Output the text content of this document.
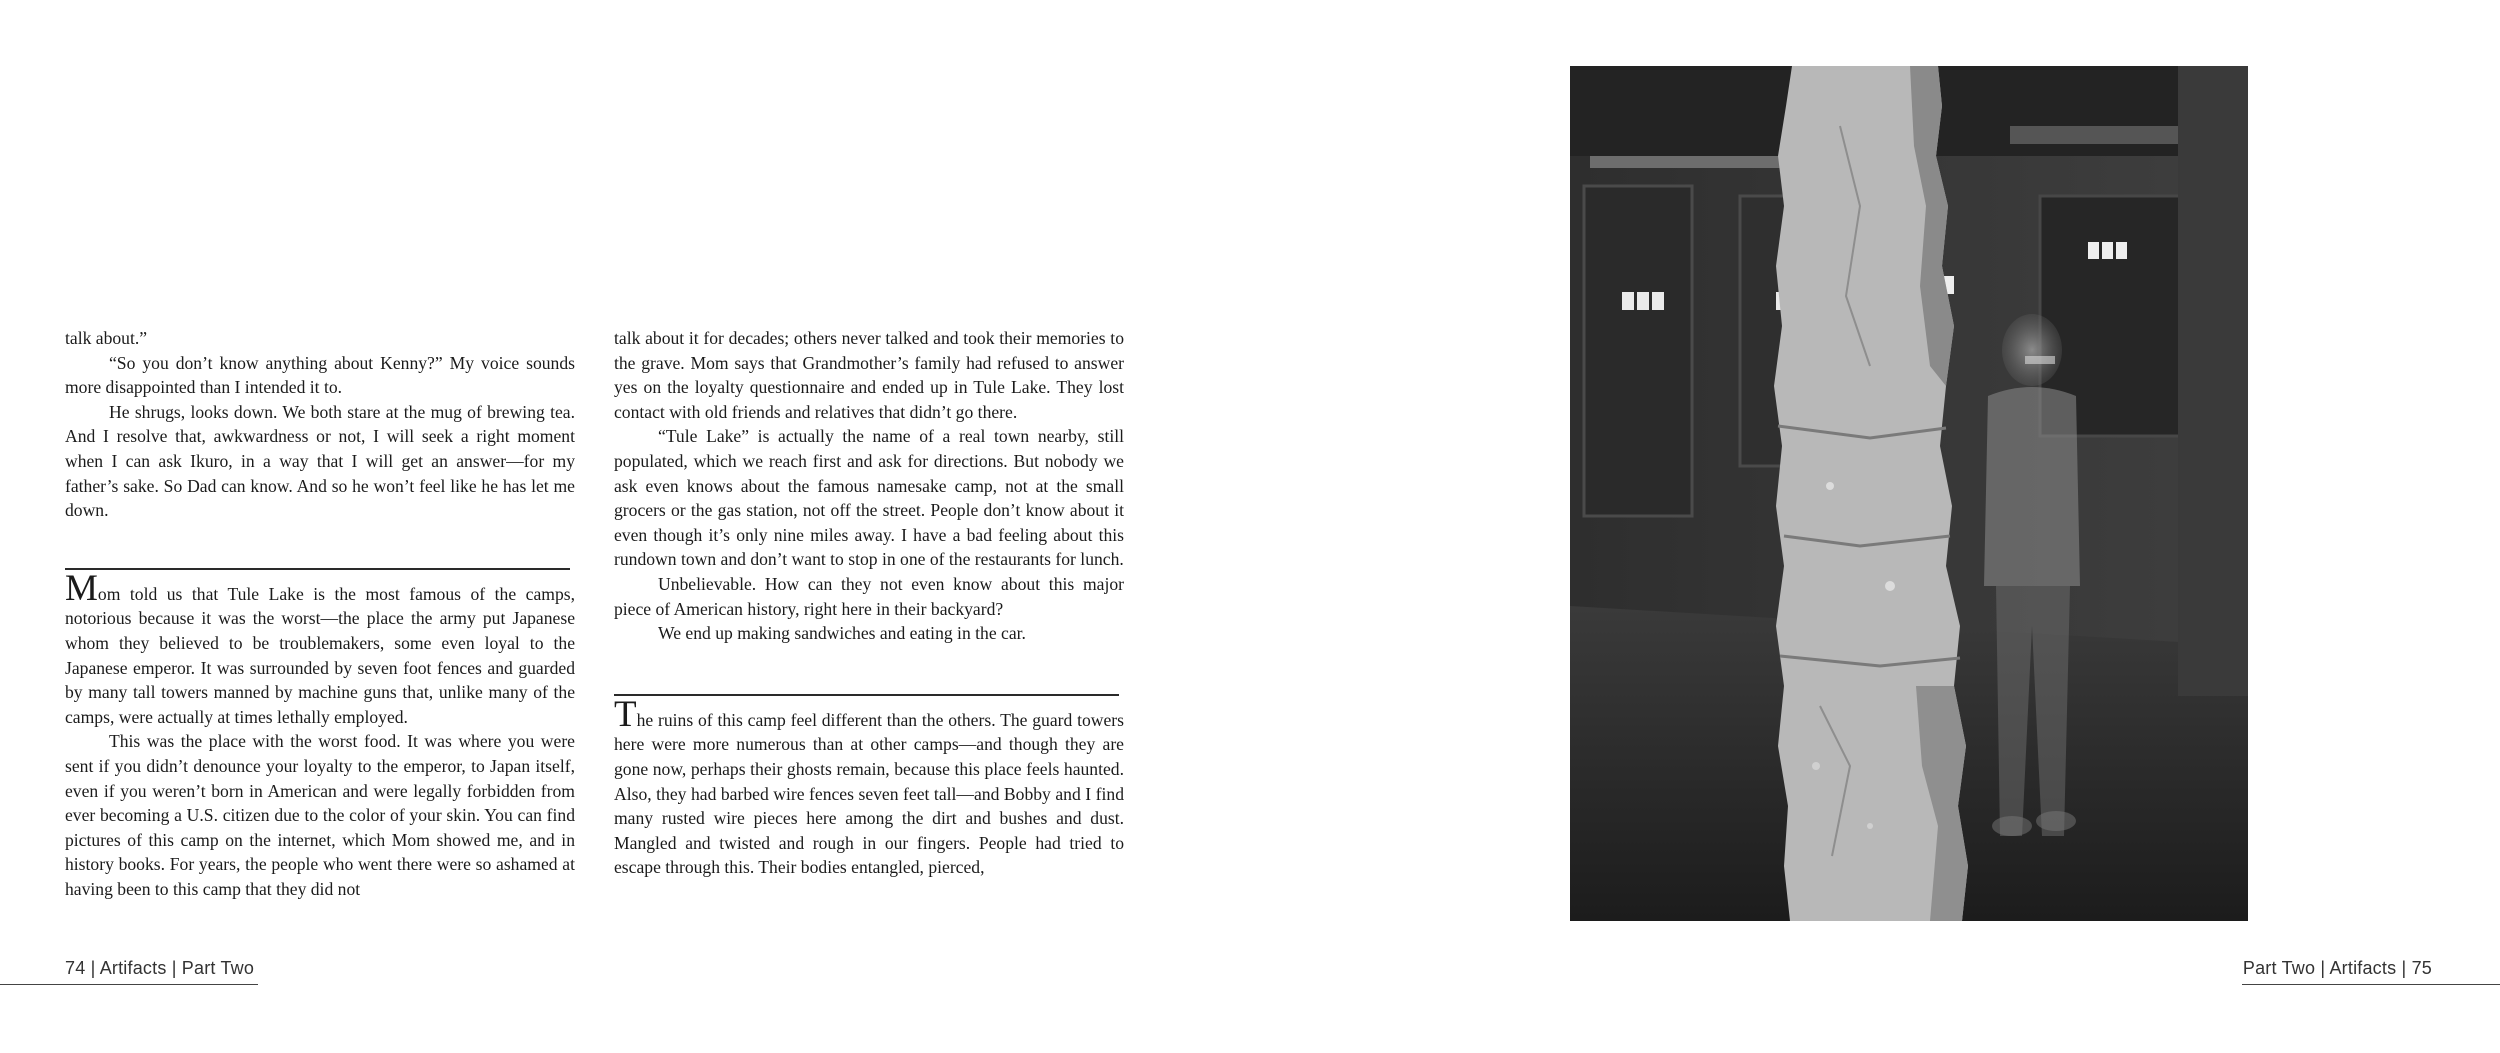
talk about.”

“So you don’t know anything about Kenny?” My voice sounds more disappointed than I intended it to.

He shrugs, looks down. We both stare at the mug of brewing tea. And I resolve that, awkwardness or not, I will seek a right moment when I can ask Ikuro, in a way that I will get an answer—for my father’s sake. So Dad can know. And so he won’t feel like he has let me down.

Mom told us that Tule Lake is the most famous of the camps, notorious because it was the worst—the place the army put Japanese whom they believed to be troublemakers, some even loyal to the Japanese emperor. It was surrounded by seven foot fences and guarded by many tall towers manned by machine guns that, unlike many of the camps, were actually at times lethally employed.

This was the place with the worst food. It was where you were sent if you didn’t denounce your loyalty to the emperor, to Japan itself, even if you weren’t born in American and were legally forbidden from ever becoming a U.S. citizen due to the color of your skin. You can find pictures of this camp on the internet, which Mom showed me, and in history books. For years, the people who went there were so ashamed at having been to this camp that they did not

talk about it for decades; others never talked and took their memories to the grave. Mom says that Grandmother’s family had refused to answer yes on the loyalty questionnaire and ended up in Tule Lake. They lost contact with old friends and relatives that didn’t go there.

“Tule Lake” is actually the name of a real town nearby, still populated, which we reach first and ask for directions. But nobody we ask even knows about the famous namesake camp, not at the small grocers or the gas station, not off the street. People don’t know about it even though it’s only nine miles away. I have a bad feeling about this rundown town and don’t want to stop in one of the restaurants for lunch.

Unbelievable. How can they not even know about this major piece of American history, right here in their backyard?

We end up making sandwiches and eating in the car.

The ruins of this camp feel different than the others. The guard towers here were more numerous than at other camps—and though they are gone now, perhaps their ghosts remain, because this place feels haunted. Also, they had barbed wire fences seven feet tall—and Bobby and I find many rusted wire pieces here among the dirt and bushes and dust. Mangled and twisted and rough in our fingers. People had tried to escape through this. Their bodies entangled, pierced,

74 | Artifacts | Part Two	Part Two | Artifacts | 75
